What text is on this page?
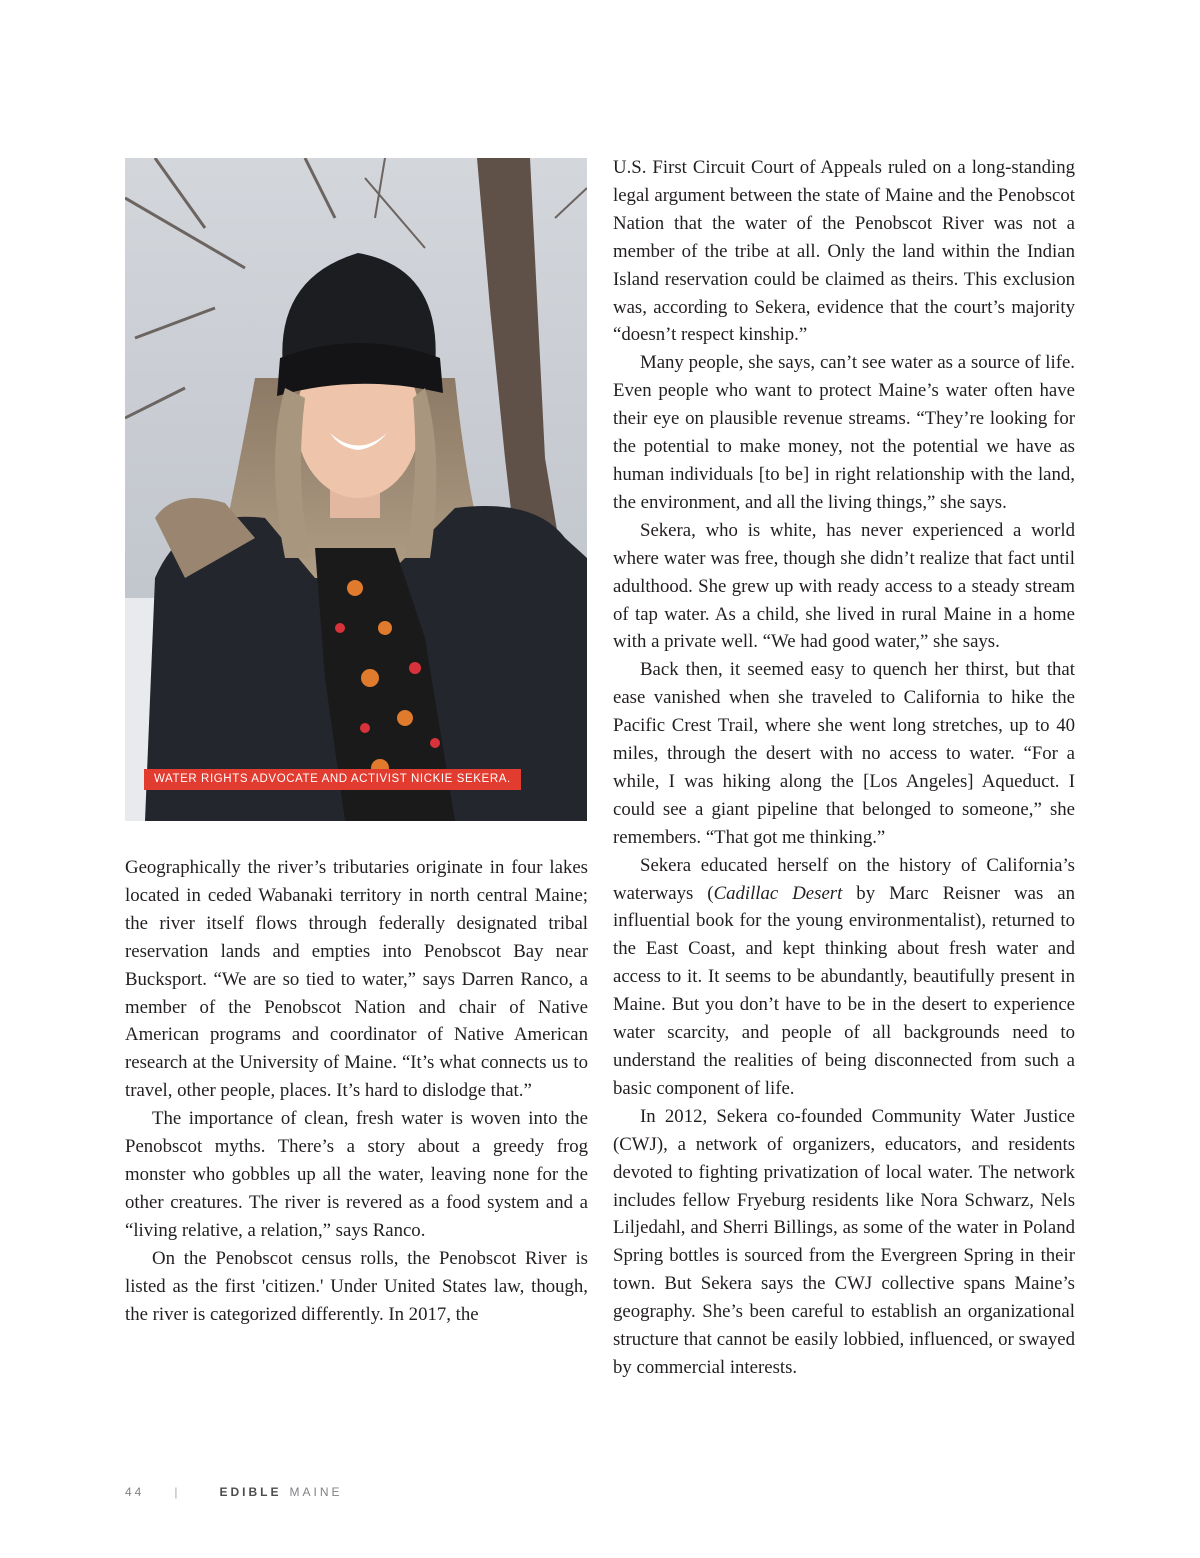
WATER RIGHTS ADVOCATE AND ACTIVIST NICKIE SEKERA.

Geographically the river’s tributaries originate in four lakes located in ceded Wabanaki territory in north central Maine; the river itself flows through federally designated tribal reservation lands and empties into Penobscot Bay near Bucksport. “We are so tied to water,” says Darren Ranco, a member of the Penobscot Nation and chair of Native American programs and coordinator of Native American research at the University of Maine. “It’s what connects us to travel, other people, places. It’s hard to dislodge that.”

The importance of clean, fresh water is woven into the Penobscot myths. There’s a story about a greedy frog monster who gobbles up all the water, leaving none for the other creatures. The river is revered as a food system and a “living relative, a relation,” says Ranco.

On the Penobscot census rolls, the Penobscot River is listed as the first 'citizen.' Under United States law, though, the river is categorized differently. In 2017, the

U.S. First Circuit Court of Appeals ruled on a long-standing legal argument between the state of Maine and the Penobscot Nation that the water of the Penobscot River was not a member of the tribe at all. Only the land within the Indian Island reservation could be claimed as theirs. This exclusion was, according to Sekera, evidence that the court’s majority “doesn’t respect kinship.”

Many people, she says, can’t see water as a source of life. Even people who want to protect Maine’s water often have their eye on plausible revenue streams. “They’re looking for the potential to make money, not the potential we have as human individuals [to be] in right relationship with the land, the environment, and all the living things,” she says.

Sekera, who is white, has never experienced a world where water was free, though she didn’t realize that fact until adulthood. She grew up with ready access to a steady stream of tap water. As a child, she lived in rural Maine in a home with a private well. “We had good water,” she says.

Back then, it seemed easy to quench her thirst, but that ease vanished when she traveled to California to hike the Pacific Crest Trail, where she went long stretches, up to 40 miles, through the desert with no access to water. “For a while, I was hiking along the [Los Angeles] Aqueduct. I could see a giant pipeline that belonged to someone,” she remembers. “That got me thinking.”

Sekera educated herself on the history of California’s waterways (Cadillac Desert by Marc Reisner was an influential book for the young environmentalist), returned to the East Coast, and kept thinking about fresh water and access to it. It seems to be abundantly, beautifully present in Maine. But you don’t have to be in the desert to experience water scarcity, and people of all backgrounds need to understand the realities of being disconnected from such a basic component of life.

In 2012, Sekera co-founded Community Water Justice (CWJ), a network of organizers, educators, and residents devoted to fighting privatization of local water. The network includes fellow Fryeburg residents like Nora Schwarz, Nels Liljedahl, and Sherri Billings, as some of the water in Poland Spring bottles is sourced from the Evergreen Spring in their town. But Sekera says the CWJ collective spans Maine’s geography. She’s been careful to establish an organizational structure that cannot be easily lobbied, influenced, or swayed by commercial interests.

44	|	EDIBLE MAINE
